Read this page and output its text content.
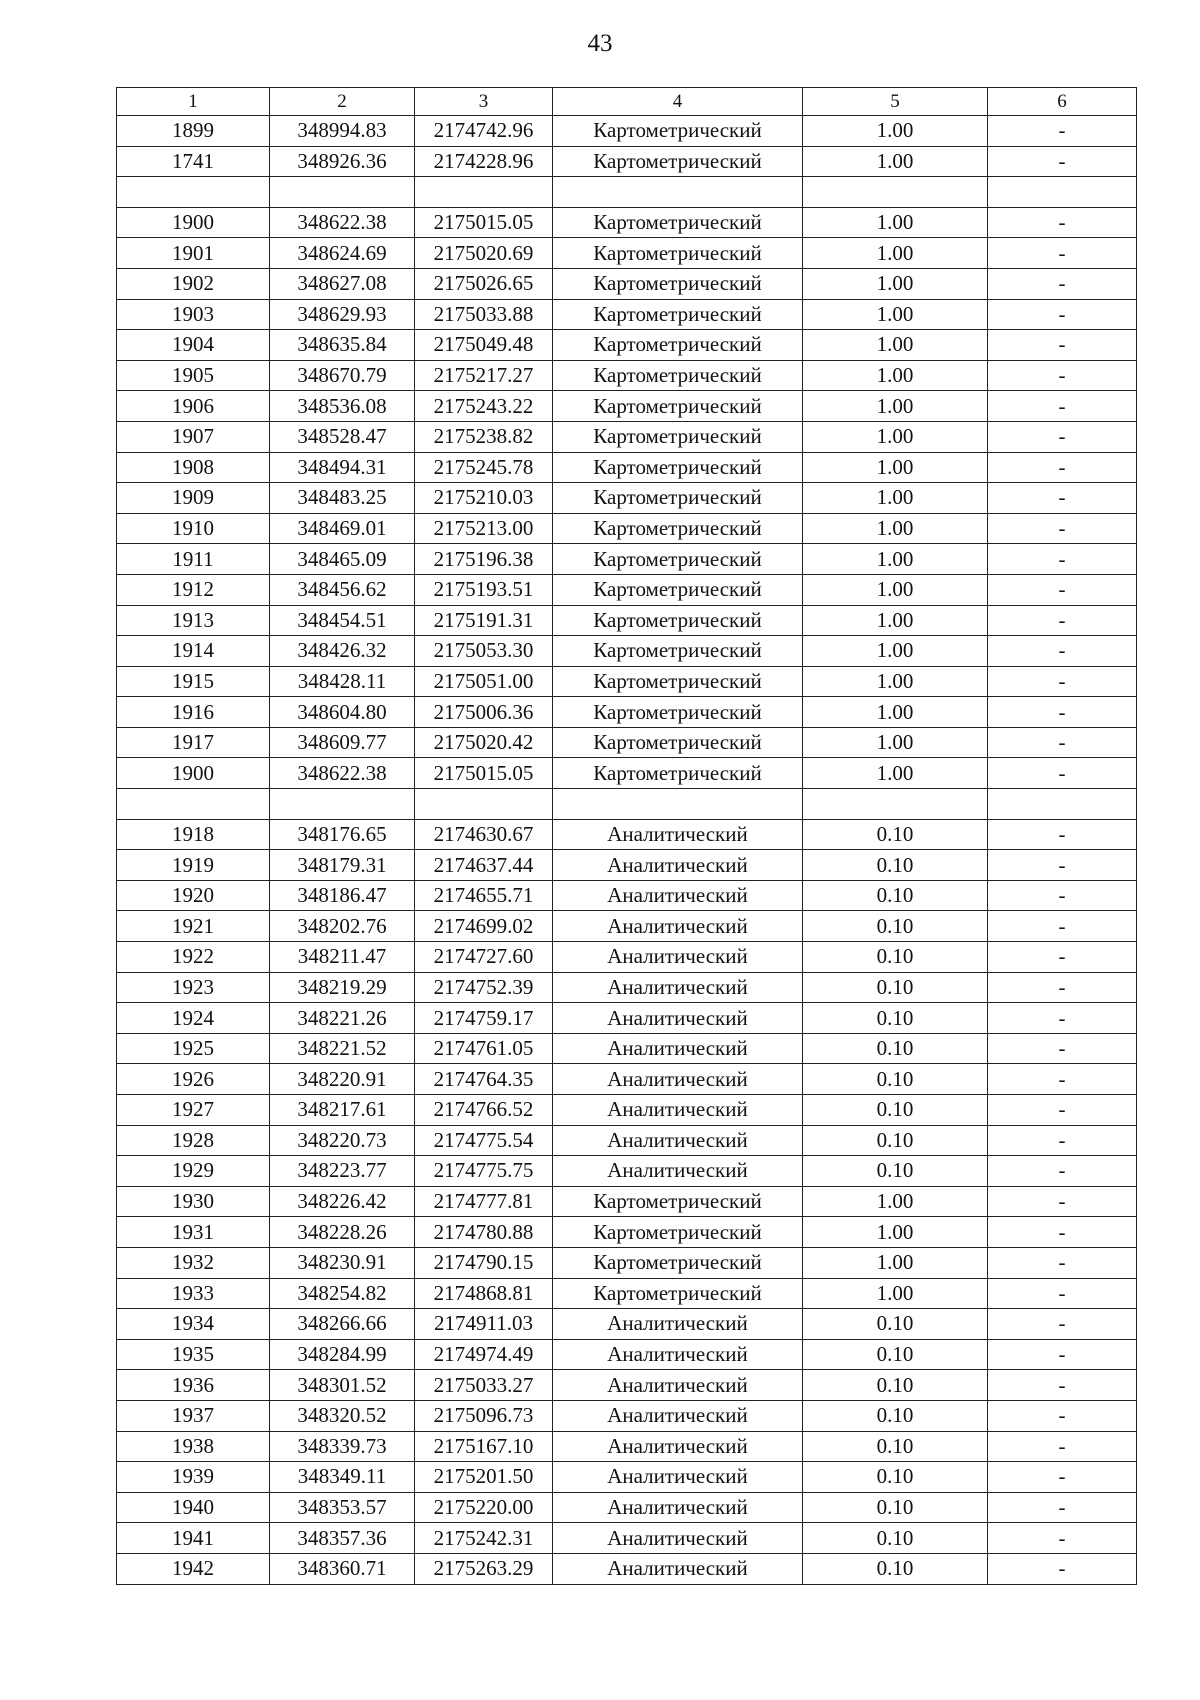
43
1	2	3	4	5	6
1899	348994.83	2174742.96	Картометрический	1.00	-
1741	348926.36	2174228.96	Картометрический	1.00	-

1900	348622.38	2175015.05	Картометрический	1.00	-
1901	348624.69	2175020.69	Картометрический	1.00	-
1902	348627.08	2175026.65	Картометрический	1.00	-
1903	348629.93	2175033.88	Картометрический	1.00	-
1904	348635.84	2175049.48	Картометрический	1.00	-
1905	348670.79	2175217.27	Картометрический	1.00	-
1906	348536.08	2175243.22	Картометрический	1.00	-
1907	348528.47	2175238.82	Картометрический	1.00	-
1908	348494.31	2175245.78	Картометрический	1.00	-
1909	348483.25	2175210.03	Картометрический	1.00	-
1910	348469.01	2175213.00	Картометрический	1.00	-
1911	348465.09	2175196.38	Картометрический	1.00	-
1912	348456.62	2175193.51	Картометрический	1.00	-
1913	348454.51	2175191.31	Картометрический	1.00	-
1914	348426.32	2175053.30	Картометрический	1.00	-
1915	348428.11	2175051.00	Картометрический	1.00	-
1916	348604.80	2175006.36	Картометрический	1.00	-
1917	348609.77	2175020.42	Картометрический	1.00	-
1900	348622.38	2175015.05	Картометрический	1.00	-

1918	348176.65	2174630.67	Аналитический	0.10	-
1919	348179.31	2174637.44	Аналитический	0.10	-
1920	348186.47	2174655.71	Аналитический	0.10	-
1921	348202.76	2174699.02	Аналитический	0.10	-
1922	348211.47	2174727.60	Аналитический	0.10	-
1923	348219.29	2174752.39	Аналитический	0.10	-
1924	348221.26	2174759.17	Аналитический	0.10	-
1925	348221.52	2174761.05	Аналитический	0.10	-
1926	348220.91	2174764.35	Аналитический	0.10	-
1927	348217.61	2174766.52	Аналитический	0.10	-
1928	348220.73	2174775.54	Аналитический	0.10	-
1929	348223.77	2174775.75	Аналитический	0.10	-
1930	348226.42	2174777.81	Картометрический	1.00	-
1931	348228.26	2174780.88	Картометрический	1.00	-
1932	348230.91	2174790.15	Картометрический	1.00	-
1933	348254.82	2174868.81	Картометрический	1.00	-
1934	348266.66	2174911.03	Аналитический	0.10	-
1935	348284.99	2174974.49	Аналитический	0.10	-
1936	348301.52	2175033.27	Аналитический	0.10	-
1937	348320.52	2175096.73	Аналитический	0.10	-
1938	348339.73	2175167.10	Аналитический	0.10	-
1939	348349.11	2175201.50	Аналитический	0.10	-
1940	348353.57	2175220.00	Аналитический	0.10	-
1941	348357.36	2175242.31	Аналитический	0.10	-
1942	348360.71	2175263.29	Аналитический	0.10	-
